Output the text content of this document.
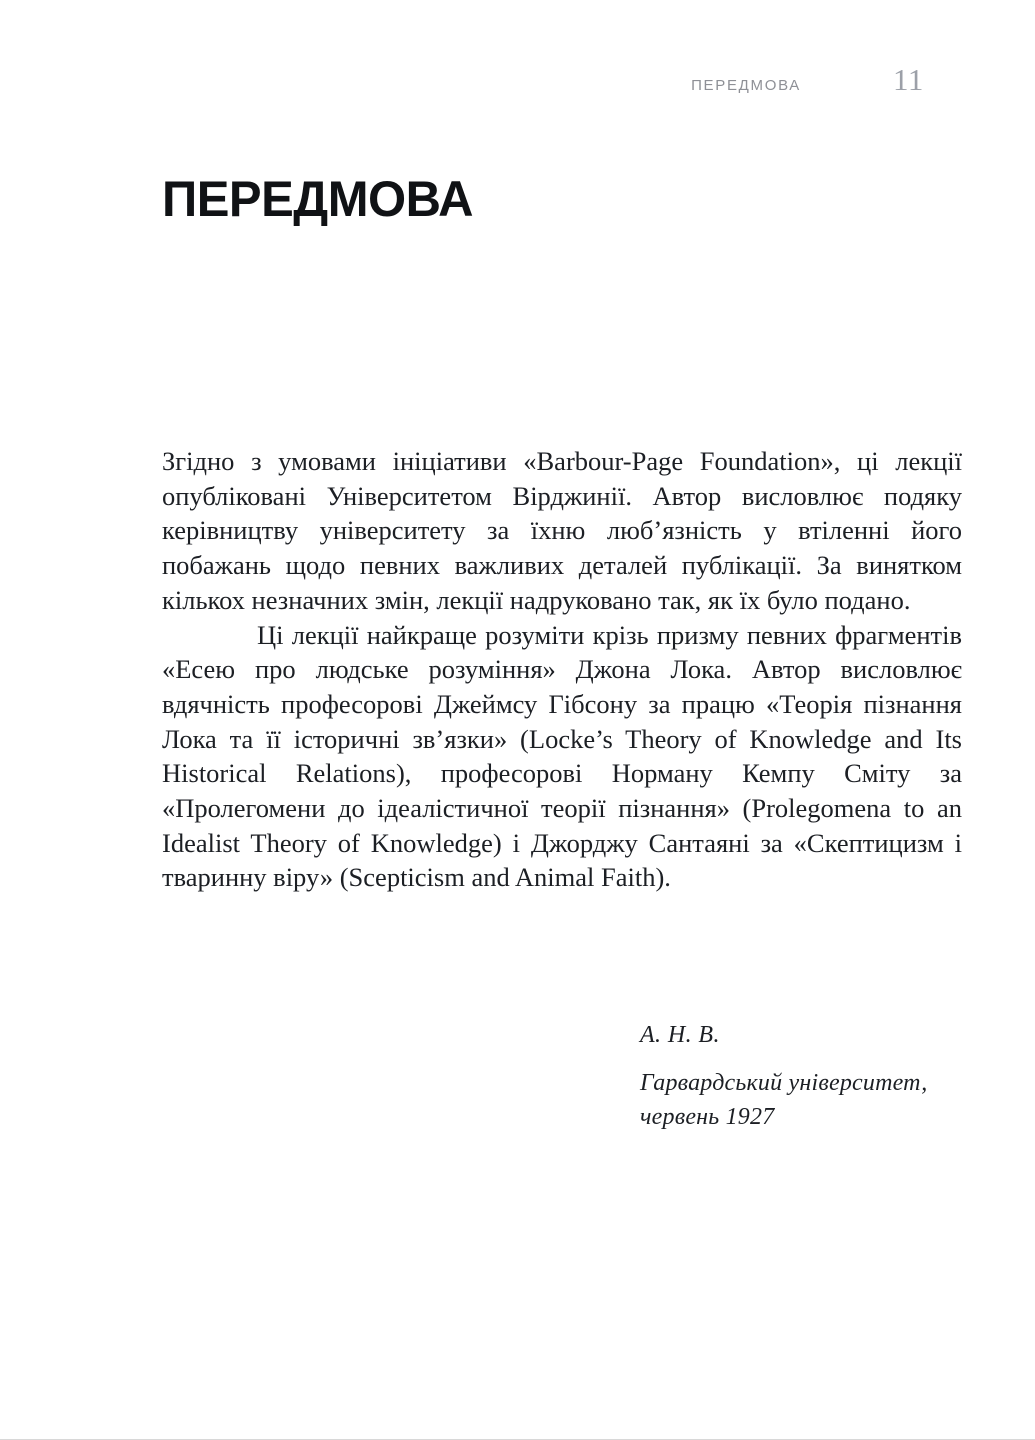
ПЕРЕДМОВА	11
ПЕРЕДМОВА

Згідно з умовами ініціативи «Barbour-Page Foundation», ці лекції опубліковані Університетом Вірджинії. Автор висловлює подяку керівництву університету за їхню люб’язність у втіленні його побажань щодо певних важливих деталей публікації. За винятком кількох незначних змін, лекції надруковано так, як їх було подано.

Ці лекції найкраще розуміти крізь призму певних фрагментів «Есею про людське розуміння» Джона Лока. Автор висловлює вдячність професорові Джеймсу Гібсону за працю «Теорія пізнання Лока та її історичні зв’язки» (Locke’s Theory of Knowledge and Its Historical Relations), професорові Норману Кемпу Сміту за «Пролегомени до ідеалістичної теорії пізнання» (Prolegomena to an Idealist Theory of Knowledge) і Джорджу Сантаяні за «Скептицизм і тваринну віру» (Scepticism and Animal Faith).

А. Н. В.
Гарвардський університет,
червень 1927
